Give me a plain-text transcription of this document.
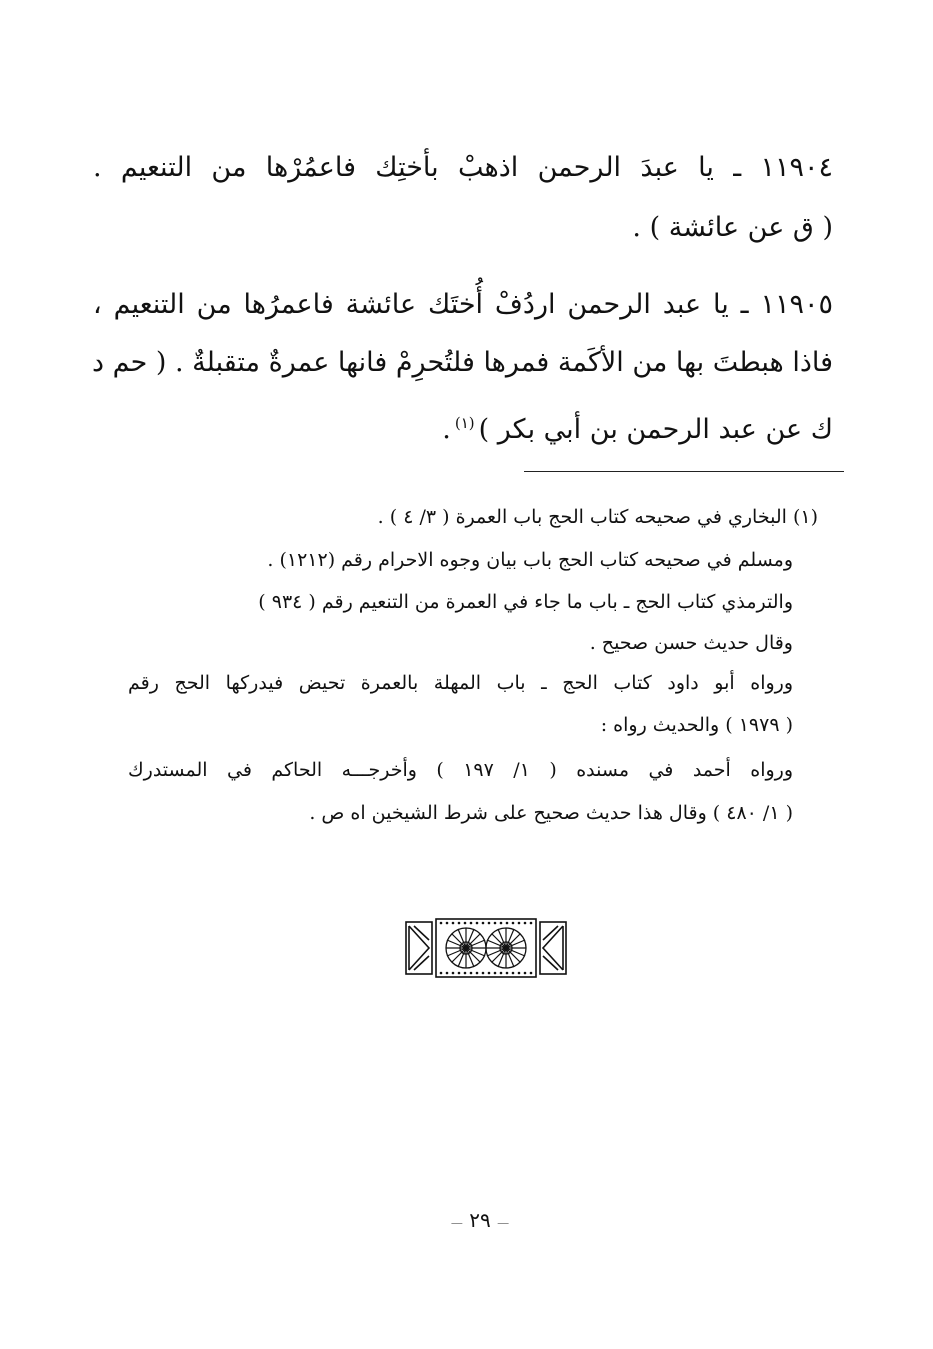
١١٩٠٤ ـ يا عبدَ الرحمن اذهبْ بأختِك فاعمُرْها من التنعيم .
( ق عن عائشة ) .
١١٩٠٥ ـ يا عبد الرحمن اردُفْ أُختَك عائشة فاعمرُها من التنعيم ،
فاذا هبطتَ بها من الأكَمة فمرها فلتُحرِمْ فانها عمرةٌ متقبلةٌ . ( حم د
ك عن عبد الرحمن بن أبي بكر )$^{(١)}$.
(١) البخاري في صحيحه كتاب الحج باب العمرة ( ٣/ ٤ ) .
ومسلم في صحيحه كتاب الحج باب بيان وجوه الاحرام رقم (١٢١٢) .
والترمذي كتاب الحج ـ باب ما جاء في العمرة من التنعيم رقم ( ٩٣٤ )
وقال حديث حسن صحيح .
ورواه أبو داود كتاب الحج ـ باب المهلة بالعمرة تحيض فيدركها الحج رقم
( ١٩٧٩ ) والحديث رواه :
ورواه أحمد في مسنده ( ١/ ١٩٧ ) وأخرجـــه الحاكم في المستدرك
( ١/ ٤٨٠ ) وقال هذا حديث صحيح على شرط الشيخين اه ص .
— ٢٩ —
